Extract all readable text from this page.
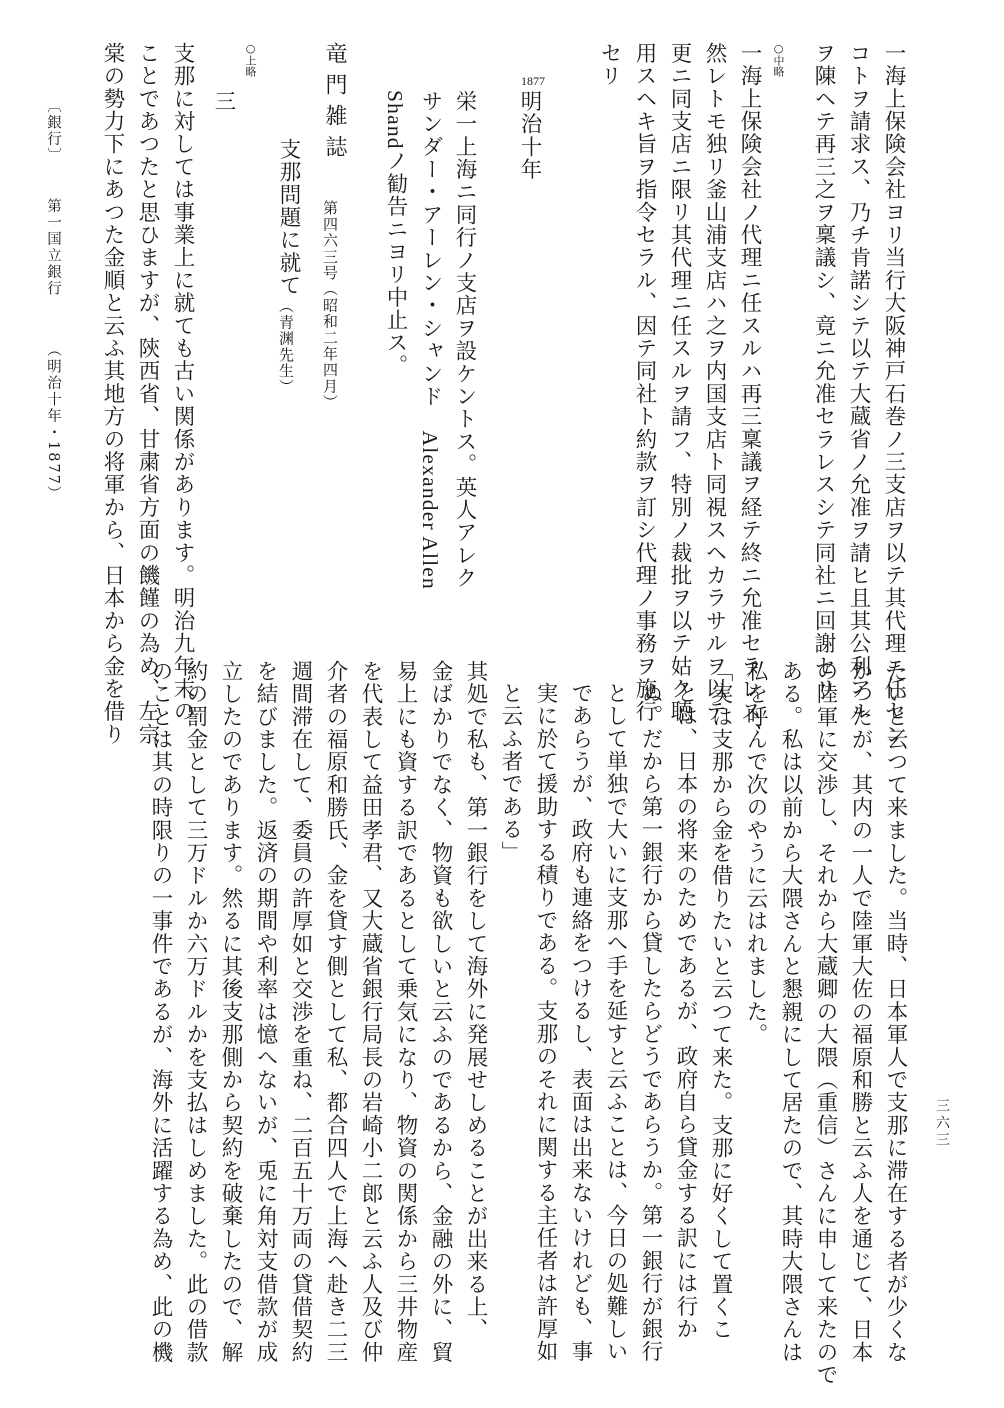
一海上保険会社ヨリ当行大阪神戸石巻ノ三支店ヲ以テ其代理ニ任セン
コトヲ請求ス、乃チ肯諾シテ以テ大蔵省ノ允准ヲ請ヒ且其公利アル
ヲ陳ヘテ再三之ヲ稟議シ、竟ニ允准セラレスシテ同社ニ回謝セリ
○中略
一海上保険会社ノ代理ニ任スルハ再三稟議ヲ経テ終ニ允准セラレス、
然レトモ独リ釜山浦支店ハ之ヲ内国支店ト同視スヘカラサルヲ以テ
更ニ同支店ニ限リ其代理ニ任スルヲ請フ、特別ノ裁批ヲ以テ姑ク聴
用スヘキ旨ヲ指令セラル、因テ同社ト約款ヲ訂シ代理ノ事務ヲ施行
セリ
1877
明治十年
栄一上海ニ同行ノ支店ヲ設ケントス。英人アレク
サンダー・アーレン・シャンド　Alexander Allen
Shandノ勧告ニヨリ中止ス。
竜門雑誌
第四六三号（昭和二年四月）
支那問題に就て
（青渊先生）
○上略
三
支那に対しては事業上に就ても古い関係があります。明治九年末の
ことであつたと思ひますが、陝西省、甘粛省方面の饑饉の為め、左宗
棠の勢力下にあつた金順と云ふ其地方の将軍から、日本から金を借り
〔銀行〕
第一国立銀行
（明治十年・1877）
たいと云つて来ました。当時、日本軍人で支那に滞在する者が少くな
かつたが、其内の一人で陸軍大佐の福原和勝と云ふ人を通じて、日本
の陸軍に交渉し、それから大蔵卿の大隈（重信）さんに申して来たので
ある。私は以前から大隈さんと懇親にして居たので、其時大隈さんは
私を呼んで次のやうに云はれました。
「実は支那から金を借りたいと云つて来た。支那に好くして置くこ
とは、日本の将来のためであるが、政府自ら貸金する訳には行か
ぬ。だから第一銀行から貸したらどうであらうか。第一銀行が銀行
として単独で大いに支那へ手を延すと云ふことは、今日の処難しい
であらうが、政府も連絡をつけるし、表面は出来ないけれども、事
実に於て援助する積りである。支那のそれに関する主任者は許厚如
と云ふ者である」
其処で私も、第一銀行をして海外に発展せしめることが出来る上、
金ばかりでなく、物資も欲しいと云ふのであるから、金融の外に、貿
易上にも資する訳であるとして乗気になり、物資の関係から三井物産
を代表して益田孝君、又大蔵省銀行局長の岩崎小二郎と云ふ人及び仲
介者の福原和勝氏、金を貸す側として私、都合四人で上海へ赴き二三
週間滞在して、委員の許厚如と交渉を重ね、二百五十万両の貸借契約
を結びました。返済の期間や利率は憶へないが、兎に角対支借款が成
立したのであります。然るに其後支那側から契約を破棄したので、解
約の罰金として三万ドルか六万ドルかを支払はしめました。此の借款
のことは其の時限りの一事件であるが、海外に活躍する為め、此の機	三六三
